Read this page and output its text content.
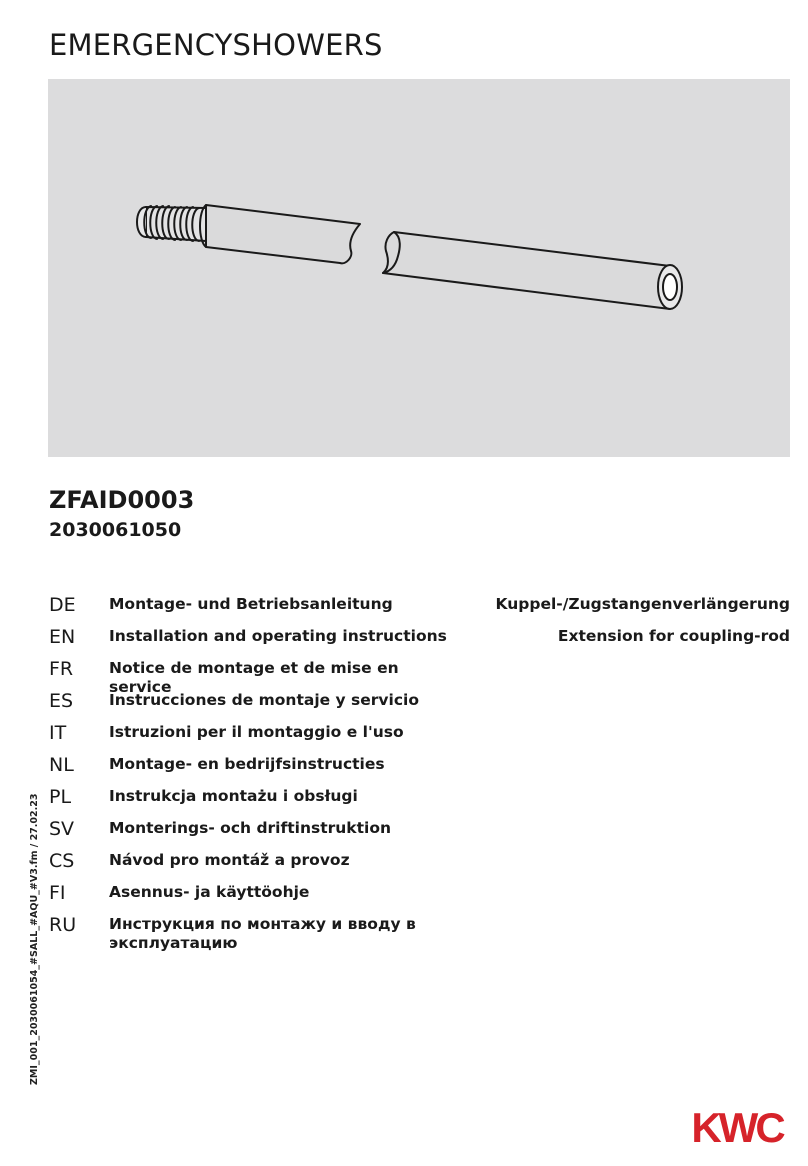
EMERGENCYSHOWERS
ZFAID0003
2030061050
DE	Montage- und Betriebsanleitung	Kuppel-/Zugstangenverlängerung
EN	Installation and operating instructions	Extension for coupling-rod
FR	Notice de montage et de mise en service
ES	Instrucciones de montaje y servicio
IT	Istruzioni per il montaggio e l'uso
NL	Montage- en bedrijfsinstructies
PL	Instrukcja montażu i obsługi
SV	Monterings- och driftinstruktion
CS	Návod pro montáž a provoz
FI	Asennus- ja käyttöohje
RU	Инструкция по монтажу и вводу в эксплуатацию
ZMI_001_2030061054_#SALL_#AQU_#V3.fm / 27.02.23
KWC
